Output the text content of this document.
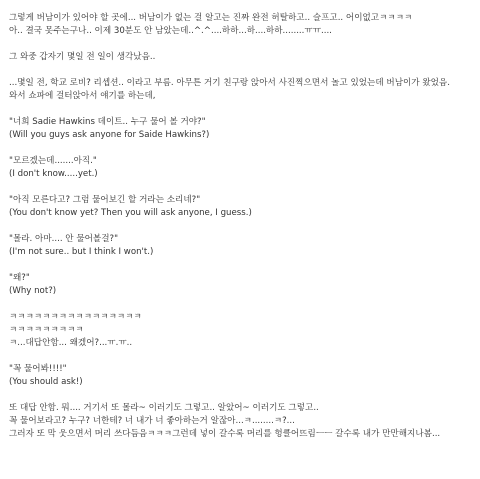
그렇게 버남이가 있어야 할 곳에... 버남이가 없는 걸 알고는 진짜 완전 허탈하고.. 슬프고.. 어이없고ㅋㅋㅋㅋ
아.. 결국 못주는구나.. 이제 30분도 안 남았는데..^.^....하하...하....하하........ㅠㅠ....
그 와중 갑자기 몇일 전 일이 생각났음..
...몇일 전, 학교 로비? 리셉션.. 이라고 부름. 아무튼 거기 친구랑 앉아서 사진찍으면서 놀고 있었는데 버남이가 왔었음.
와서 쇼파에 걸터앉아서 얘기를 하는데,
"너희 Sadie Hawkins 데이트.. 누구 물어 볼 거야?"
(Will you guys ask anyone for Saide Hawkins?)
"모르겠는데.......아직."
(I don't know.....yet.)
"아직 모른다고? 그럼 물어보긴 할 거라는 소리네?"
(You don't know yet? Then you will ask anyone, I guess.)
"몰라. 아마.... 안 물어볼걸?"
(I'm not sure.. but I think I won't.)
"왜?"
(Why not?)
ㅋㅋㅋㅋㅋㅋㅋㅋㅋㅋㅋㅋㅋㅋㅋㅋ
ㅋㅋㅋㅋㅋㅋㅋㅋㅋ
ㅋ...대답안함... 왜겠어?...ㅠ.ㅠ..
"꼭 물어봐!!!!"
(You should ask!)
또 대답 안함. 뭐.... 거기서 또 몰라~ 이러기도 그렇고.. 알았어~ 이러기도 그렇고..
꼭 물어보라고? 누구? 너한테? 너 내가 너 좋아하는거 알잖아...ㅋ........ㅋ?...
그러자 또 막 웃으면서 머리 쓰다듬음ㅋㅋㅋ그런데 넣이 갈수록 머리를 헝클어뜨림ㅡㅡ 갈수록 내가 만만해지나봄...
